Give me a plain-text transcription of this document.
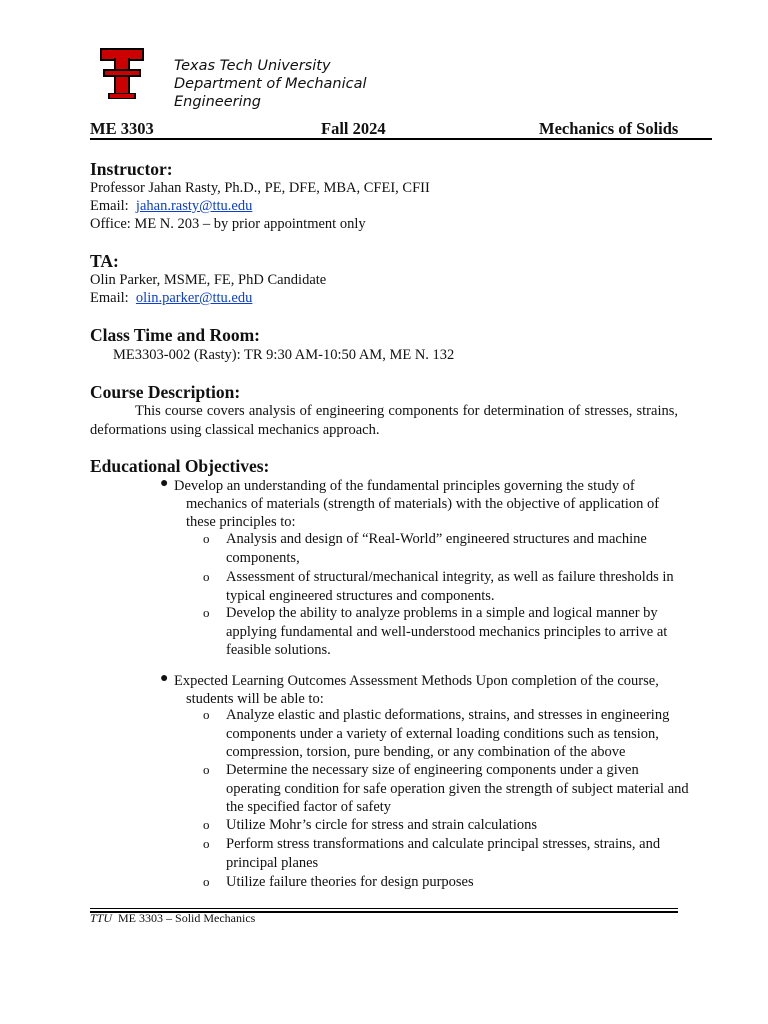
Texas Tech University
Department of Mechanical Engineering
ME 3303	Fall 2024	Mechanics of Solids
Instructor:
Professor Jahan Rasty, Ph.D., PE, DFE, MBA, CFEI, CFII
Email: jahan.rasty@ttu.edu
Office: ME N. 203 – by prior appointment only
TA:
Olin Parker, MSME, FE, PhD Candidate
Email: olin.parker@ttu.edu
Class Time and Room:
ME3303-002 (Rasty): TR 9:30 AM-10:50 AM, ME N. 132
Course Description:
This course covers analysis of engineering components for determination of stresses, strains, deformations using classical mechanics approach.
Educational Objectives:
● Develop an understanding of the fundamental principles governing the study of
mechanics of materials (strength of materials) with the objective of application of
these principles to:
o Analysis and design of “Real-World” engineered structures and machine
components,
o Assessment of structural/mechanical integrity, as well as failure thresholds in
typical engineered structures and components.
o Develop the ability to analyze problems in a simple and logical manner by
applying fundamental and well-understood mechanics principles to arrive at
feasible solutions.
● Expected Learning Outcomes Assessment Methods Upon completion of the course,
students will be able to:
o Analyze elastic and plastic deformations, strains, and stresses in engineering
components under a variety of external loading conditions such as tension,
compression, torsion, pure bending, or any combination of the above
o Determine the necessary size of engineering components under a given
operating condition for safe operation given the strength of subject material and
the specified factor of safety
o Utilize Mohr’s circle for stress and strain calculations
o Perform stress transformations and calculate principal stresses, strains, and
principal planes
o Utilize failure theories for design purposes
TTU ME 3303 – Solid Mechanics
